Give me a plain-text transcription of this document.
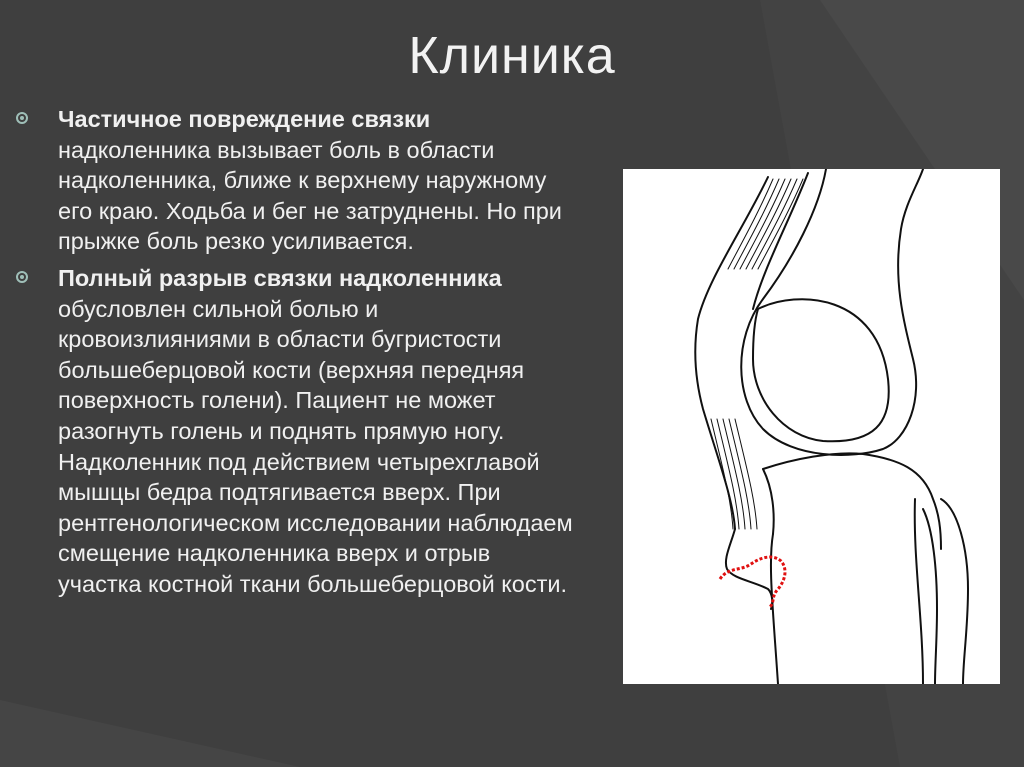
Клиника
Частичное повреждение связки надколенника вызывает боль в области надколенника, ближе к верхнему наружному его краю. Ходьба и бег не затруднены. Но при прыжке боль резко усиливается.
Полный разрыв связки надколенника обусловлен сильной болью и кровоизлияниями в области бугристости большеберцовой кости (верхняя передняя поверхность голени). Пациент не может разогнуть голень и поднять прямую ногу. Надколенник под действием четырехглавой мышцы бедра подтягивается вверх. При рентгенологическом исследовании наблюдаем смещение надколенника вверх и отрыв участка костной ткани большеберцовой кости.
